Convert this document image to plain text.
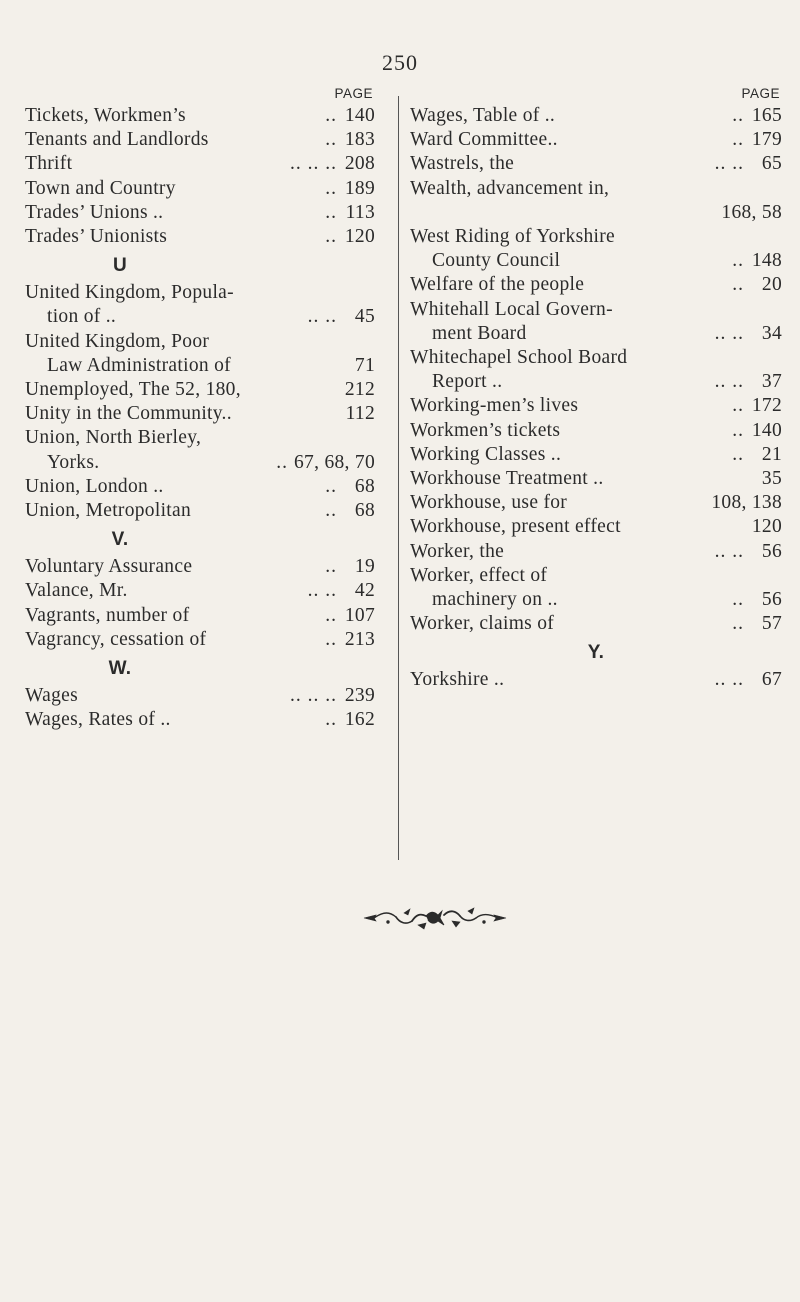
250
PAGE
Tickets, Workmen’s	.. 140
Tenants and Landlords	.. 183
Thrift	.. .. .. 208
Town and Country	.. 189
Trades’ Unions ..	.. 113
Trades’ Unionists	.. 120
U
United Kingdom, Popula-
tion of ..	.. .. 45
United Kingdom, Poor
Law Administration of	71
Unemployed, The 52, 180,	212
Unity in the Community..	112
Union, North Bierley,
Yorks.	.. 67, 68, 70
Union, London ..	.. 68
Union, Metropolitan	.. 68
V.
Voluntary Assurance	.. 19
Valance, Mr.	.. .. 42
Vagrants, number of	.. 107
Vagrancy, cessation of	.. 213
W.
Wages	.. .. .. 239
Wages, Rates of ..	.. 162
PAGE
Wages, Table of ..	.. 165
Ward Committee..	.. 179
Wastrels, the	.. .. 65
Wealth, advancement in,
168, 58
West Riding of Yorkshire
County Council	.. 148
Welfare of the people	.. 20
Whitehall Local Govern-
ment Board	.. .. 34
Whitechapel School Board
Report ..	.. .. 37
Working-men’s lives	.. 172
Workmen’s tickets	.. 140
Working Classes ..	.. 21
Workhouse Treatment ..	35
Workhouse, use for	108, 138
Workhouse, present effect	120
Worker, the	.. .. 56
Worker, effect of
machinery on ..	.. 56
Worker, claims of	.. 57
Y.
Yorkshire ..	.. .. 67
